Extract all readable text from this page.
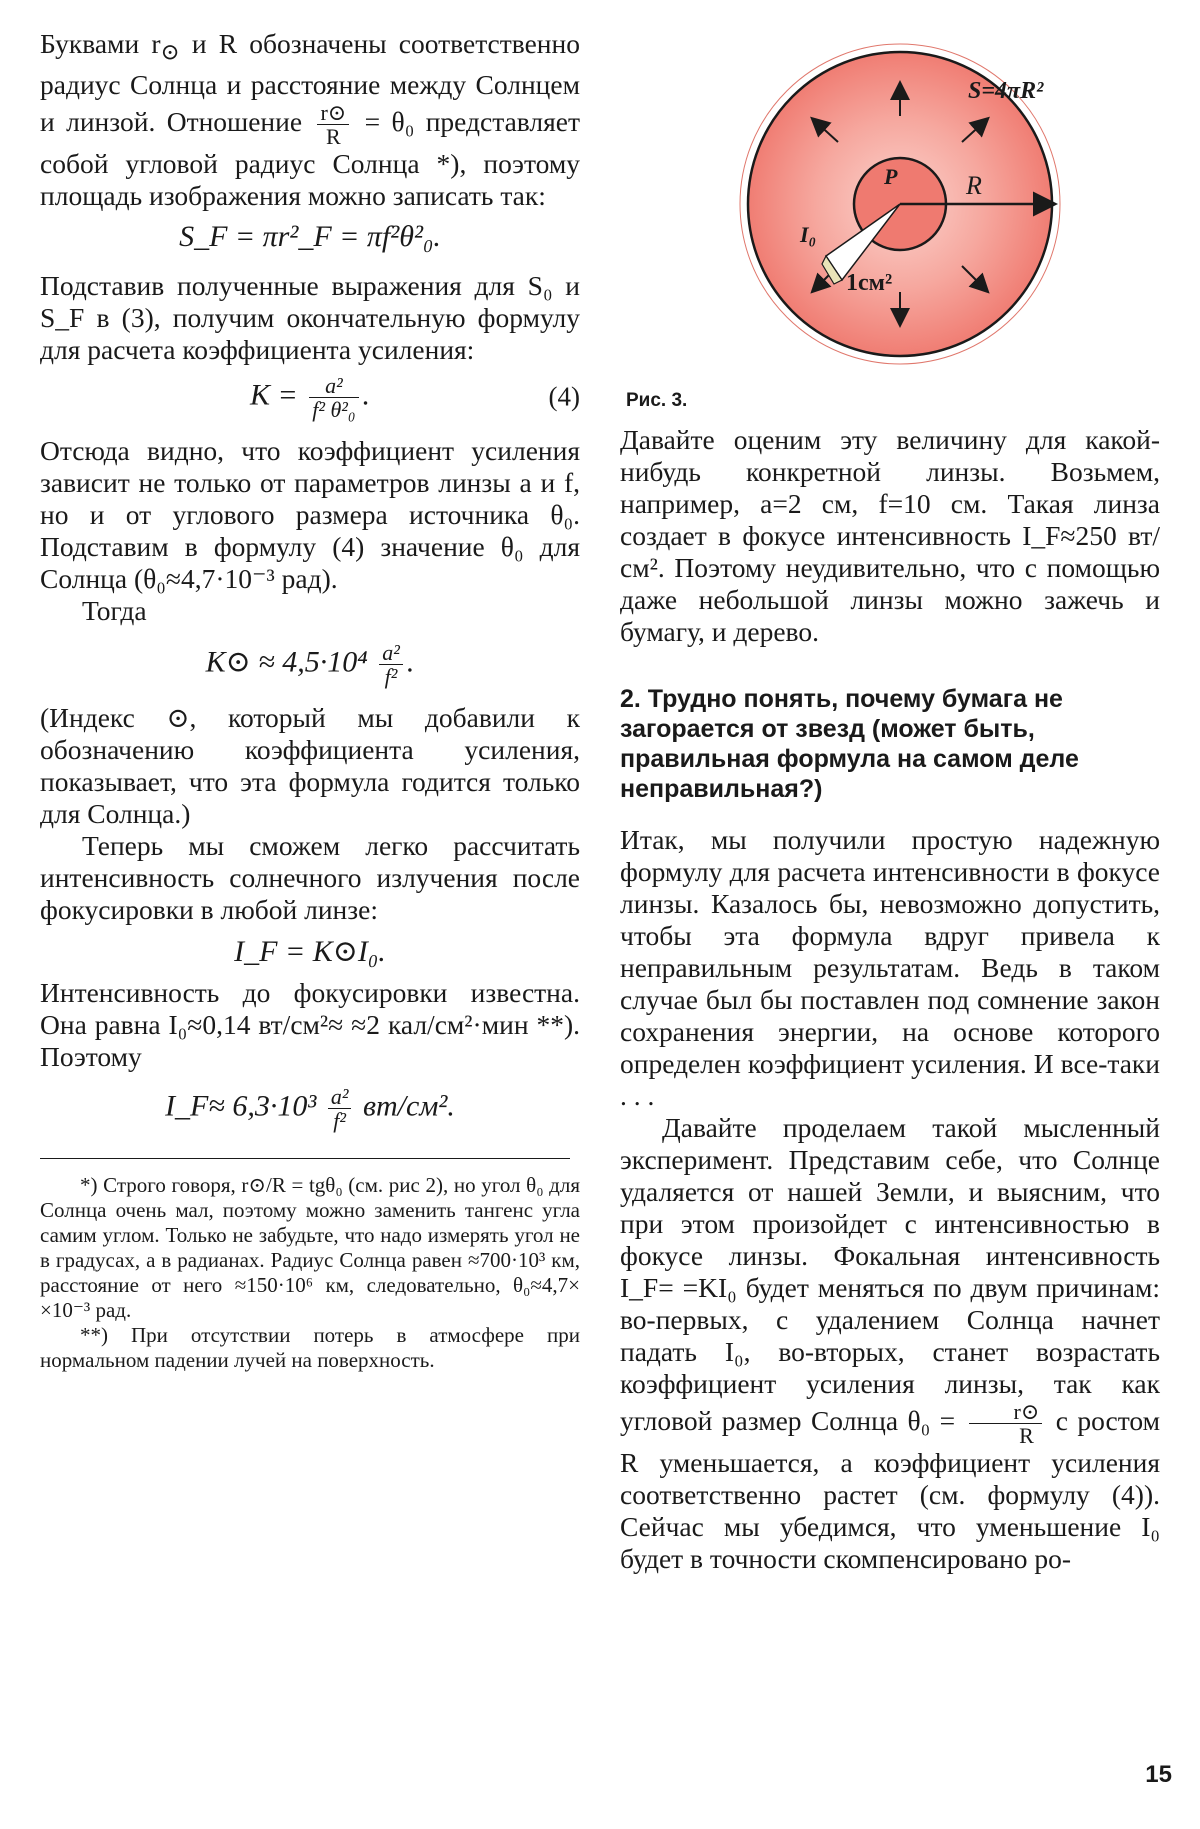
Буквами $r_⊙$ и R обозначены соответственно радиус Солнца и расстояние между Солнцем и линзой. Отношение $\frac{r⊙}{R} = \theta_0$ представляет собой угловой радиус Солнца *), поэтому площадь изображения можно записать так:

S_F = πr²_F = πf²θ²₀.

Подставив полученные выражения для S₀ и S_F в (3), получим окончательную формулу для расчета коэффициента усиления:

$K = \frac{\text{a²}}{\text{f² θ²₀}}$ .	(4)

Отсюда видно, что коэффициент усиления зависит не только от параметров линзы a и f, но и от углового размера источника θ₀. Подставим в формулу (4) значение θ₀ для Солнца (θ₀≈4,7·10⁻³ рад).

Тогда

K⊙ ≈ $4,5\cdot 10^4 \frac{\text{a²}}{\text{f²}}$ .

(Индекс ⊙, который мы добавили к обозначению коэффициента усиления, показывает, что эта формула годится только для Солнца.)

Теперь мы сможем легко рассчитать интенсивность солнечного излучения после фокусировки в любой линзе:

I_F = K⊙I₀.

Интенсивность до фокусировки известна. Она равна I₀≈0,14 вт/см²≈ ≈2 кал/см²·мин **). Поэтому

I_F≈ $6,3\cdot 10^3 \frac{\text{a²}}{\text{f²}} вт/см^2$.

*) Строго говоря, r⊙/R = tgθ₀ (см. рис 2), но угол θ₀ для Солнца очень мал, поэтому можно заменить тангенс угла самим углом. Только не забудьте, что надо измерять угол не в градусах, а в радианах. Радиус Солнца равен ≈700·10³ км, расстояние от него ≈150·10⁶ км, следовательно, θ₀≈4,7× ×10⁻³ рад.

**) При отсутствии потерь в атмосфере при нормальном падении лучей на поверхность.

S=4πR²
P	R
I₀
1см²
Рис. 3.

Давайте оценим эту величину для какой-нибудь конкретной линзы. Возьмем, например, a=2 см, f=10 см. Такая линза создает в фокусе интенсивность I_F≈250 вт/см². Поэтому неудивительно, что с помощью даже небольшой линзы можно зажечь и бумагу, и дерево.

2. Трудно понять, почему бумага не загорается от звезд (может быть, правильная формула на самом деле неправильная?)

Итак, мы получили простую надежную формулу для расчета интенсивности в фокусе линзы. Казалось бы, невозможно допустить, чтобы эта формула вдруг привела к неправильным результатам. Ведь в таком случае был бы поставлен под сомнение закон сохранения энергии, на основе которого определен коэффициент усиления. И все-таки . . .

Давайте проделаем такой мысленный эксперимент. Представим себе, что Солнце удаляется от нашей Земли, и выясним, что при этом произойдет с интенсивностью в фокусе линзы. Фокальная интенсивность I_F= =KI₀ будет меняться по двум причинам: во-первых, с удалением Солнца начнет падать I₀, во-вторых, станет возрастать коэффициент усиления линзы, так как угловой размер Солнца $\theta_0 = \frac{r⊙}{R}$ с ростом R уменьшается, а коэффициент усиления соответственно растет (см. формулу (4)). Сейчас мы убедимся, что уменьшение I₀ будет в точности скомпенсировано ро-

15
